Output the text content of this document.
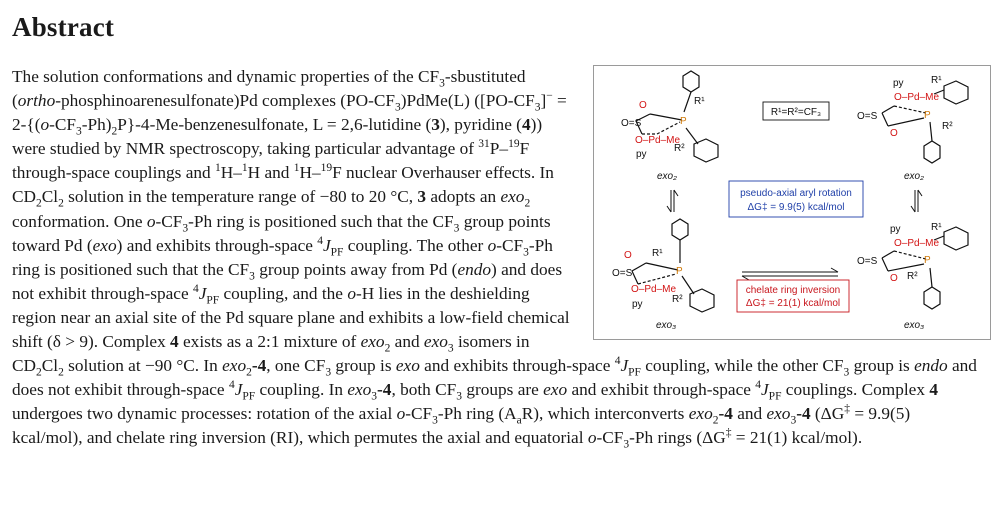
Abstract

O=S
O
P
O–Pd–Me
py
R¹
R²
exo₂
R¹=R²=CF₃	O=S
O
P
O–Pd–Me
py	R¹
R²
exo₂
pseudo-axial aryl rotation
ΔG‡ = 9.9(5) kcal/mol
O=S
O
P
O–Pd–Me
py
R¹
R²
exo₃
chelate ring inversion
ΔG‡ = 21(1) kcal/mol
O=S
O
P
O–Pd–Me
py	R¹
R²
exo₃
The solution conformations and dynamic properties of the $CF_3$-sbustituted (ortho-phosphinoarenesulfonate)Pd complexes $(PO-CF_3)PdMe(L) ([PO-CF_3]^-$ = $2-\{(o-CF_3-Ph)_2P\}-4-Me$-benzenesulfonate, L = 2,6-lutidine (3), pyridine (4)) were studied by NMR spectroscopy, taking particular advantage of $^{31}$P–$^{19}$F through-space couplings and $^1$H–$^1$H and $^1$H–$^{19}$F nuclear Overhauser effects. In $CD_2Cl_2$ solution in the temperature range of −80 to 20 °C, 3 adopts an exo$_2$ conformation. One $o-CF_3-Ph$ ring is positioned such that the $CF_3$ group points toward Pd (exo) and exhibits through-space $^4J_{PF}$ coupling. The other $o-CF_3-Ph$ ring is positioned such that the $CF_3$ group points away from Pd (endo) and does not exhibit through-space $^4J_{PF}$ coupling, and the o-H lies in the deshielding region near an axial site of the Pd square plane and exhibits a low-field chemical shift (δ > 9). Complex 4 exists as a 2:1 mixture of exo$_2$ and exo$_3$ isomers in $CD_2Cl_2$ solution at −90 °C. In exo$_2$-4, one $CF_3$ group is exo and exhibits through-space $^4J_{PF}$ coupling, while the other $CF_3$ group is endo and does not exhibit through-space $^4J_{PF}$ coupling. In exo$_3$-4, both $CF_3$ groups are exo and exhibit through-space $^4J_{PF}$ couplings. Complex 4 undergoes two dynamic processes: rotation of the axial $o-CF_3-Ph$ ring $(A_aR)$, which interconverts exo$_2$-4 and exo$_3$-4 (ΔG‡ = 9.9(5) kcal/mol), and chelate ring inversion (RI), which permutes the axial and equatorial $o-CF_3-Ph$ rings (ΔG‡ = 21(1) kcal/mol).
